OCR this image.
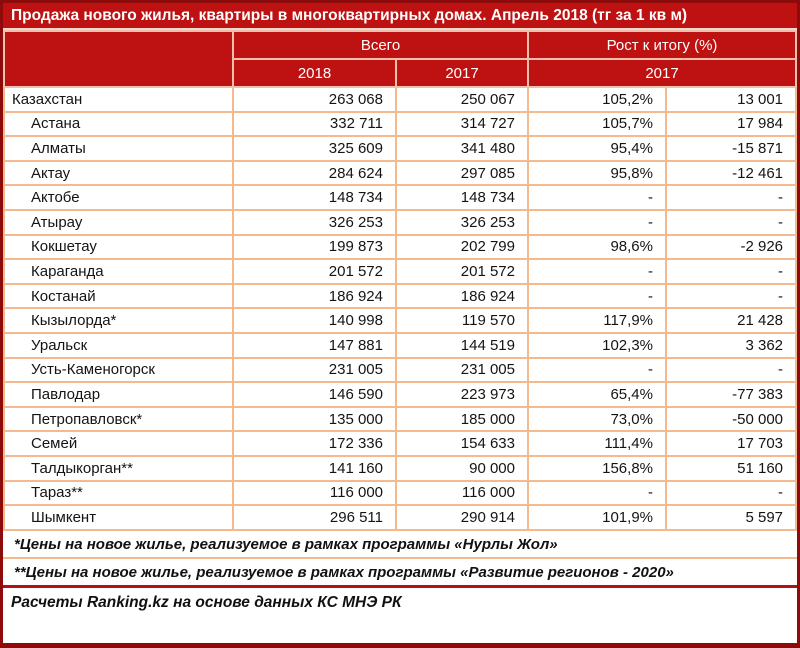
Продажа нового жилья, квартиры в многоквартирных домах. Апрель 2018 (тг за 1 кв м)
	Всего		Рост к итогу (%)	
	2018	2017	2017	
Казахстан	263 068	250 067	105,2%	13 001
Астана	332 711	314 727	105,7%	17 984
Алматы	325 609	341 480	95,4%	-15 871
Актау	284 624	297 085	95,8%	-12 461
Актобе	148 734	148 734	-	-
Атырау	326 253	326 253	-	-
Кокшетау	199 873	202 799	98,6%	-2 926
Караганда	201 572	201 572	-	-
Костанай	186 924	186 924	-	-
Кызылорда*	140 998	119 570	117,9%	21 428
Уральск	147 881	144 519	102,3%	3 362
Усть-Каменогорск	231 005	231 005	-	-
Павлодар	146 590	223 973	65,4%	-77 383
Петропавловск*	135 000	185 000	73,0%	-50 000
Семей	172 336	154 633	111,4%	17 703
Талдыкорган**	141 160	90 000	156,8%	51 160
Тараз**	116 000	116 000	-	-
Шымкент	296 511	290 914	101,9%	5 597
*Цены на новое жилье, реализуемое в рамках программы «Нурлы Жол»
**Цены на новое жилье, реализуемое в рамках программы «Развитие регионов - 2020»
Расчеты Ranking.kz на основе данных КС МНЭ РК
